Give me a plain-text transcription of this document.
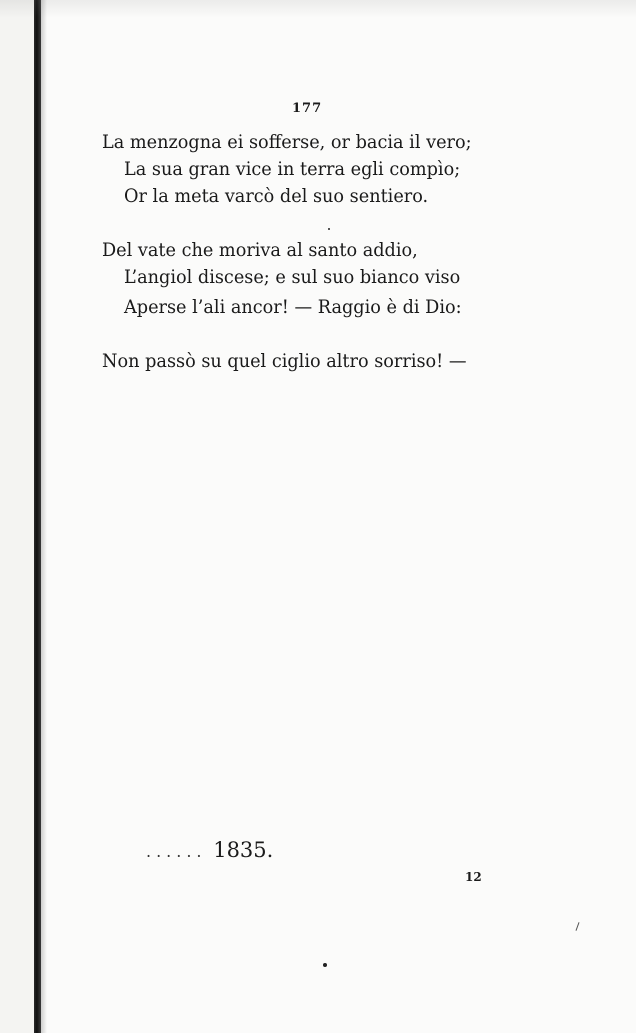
177
La menzogna ei sofferse, or bacia il vero;
La sua gran vice in terra egli compìo;
Or la meta varcò del suo sentiero.
Del vate che moriva al santo addio,
L’angiol discese; e sul suo bianco viso
Aperse l’ali ancor! — Raggio è di Dio:
Non passò su quel ciglio altro sorriso! —
...... 1835.
12
